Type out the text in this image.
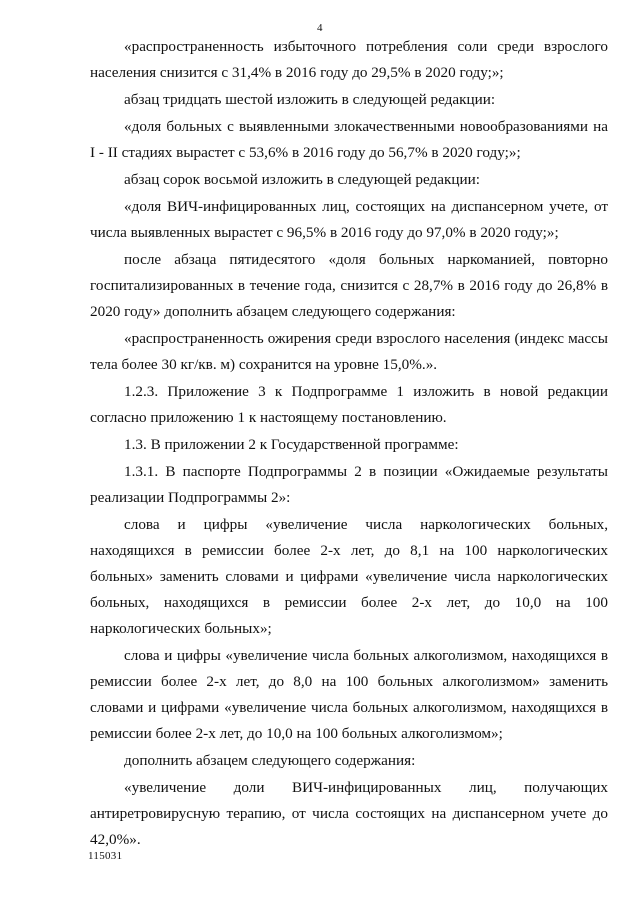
4

«распространенность избыточного потребления соли среди взрослого населения снизится с 31,4% в 2016 году до 29,5% в 2020 году;»;

абзац тридцать шестой изложить в следующей редакции:

«доля больных с выявленными злокачественными новообразованиями на I - II стадиях вырастет с 53,6% в 2016 году до 56,7% в 2020 году;»;

абзац сорок восьмой изложить в следующей редакции:

«доля ВИЧ-инфицированных лиц, состоящих на диспансерном учете, от числа выявленных вырастет с 96,5% в 2016 году до 97,0% в 2020 году;»;

после абзаца пятидесятого «доля больных наркоманией, повторно госпитализированных в течение года, снизится с 28,7% в 2016 году до 26,8% в 2020 году» дополнить абзацем следующего содержания:

«распространенность ожирения среди взрослого населения (индекс массы тела более 30 кг/кв. м) сохранится на уровне 15,0%.».

1.2.3. Приложение 3 к Подпрограмме 1 изложить в новой редакции согласно приложению 1 к настоящему постановлению.

1.3. В приложении 2 к Государственной программе:

1.3.1. В паспорте Подпрограммы 2 в позиции «Ожидаемые результаты реализации Подпрограммы 2»:

слова и цифры «увеличение числа наркологических больных, находящихся в ремиссии более 2-х лет, до 8,1 на 100 наркологических больных» заменить словами и цифрами «увеличение числа наркологических больных, находящихся в ремиссии более 2-х лет, до 10,0 на 100 наркологических больных»;

слова и цифры «увеличение числа больных алкоголизмом, находящихся в ремиссии более 2-х лет, до 8,0 на 100 больных алкоголизмом» заменить словами и цифрами «увеличение числа больных алкоголизмом, находящихся в ремиссии более 2-х лет, до 10,0 на 100 больных алкоголизмом»;

дополнить абзацем следующего содержания:

«увеличение доли ВИЧ-инфицированных лиц, получающих антиретровирусную терапию, от числа состоящих на диспансерном учете до 42,0%».

115031
